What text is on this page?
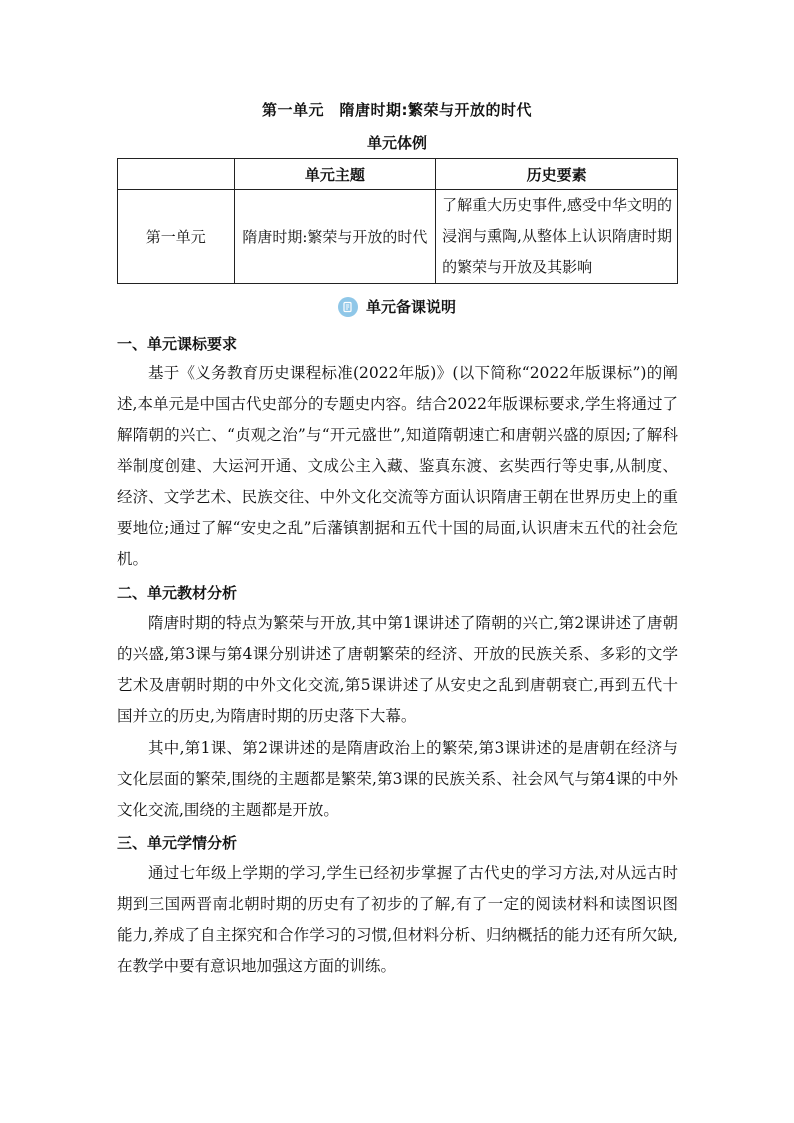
第一单元　隋唐时期:繁荣与开放的时代
单元体例
	单元主题	历史要素
第一单元	隋唐时期:繁荣与开放的时代	了解重大历史事件,感受中华文明的浸润与熏陶,从整体上认识隋唐时期的繁荣与开放及其影响
单元备课说明
一、单元课标要求
基于《义务教育历史课程标准(2022年版)》(以下简称“2022年版课标”)的阐述,本单元是中国古代史部分的专题史内容。结合2022年版课标要求,学生将通过了解隋朝的兴亡、“贞观之治”与“开元盛世”,知道隋朝速亡和唐朝兴盛的原因;了解科举制度创建、大运河开通、文成公主入藏、鉴真东渡、玄奘西行等史事,从制度、经济、文学艺术、民族交往、中外文化交流等方面认识隋唐王朝在世界历史上的重要地位;通过了解“安史之乱”后藩镇割据和五代十国的局面,认识唐末五代的社会危机。
二、单元教材分析
隋唐时期的特点为繁荣与开放,其中第1课讲述了隋朝的兴亡,第2课讲述了唐朝的兴盛,第3课与第4课分别讲述了唐朝繁荣的经济、开放的民族关系、多彩的文学艺术及唐朝时期的中外文化交流,第5课讲述了从安史之乱到唐朝衰亡,再到五代十国并立的历史,为隋唐时期的历史落下大幕。
其中,第1课、第2课讲述的是隋唐政治上的繁荣,第3课讲述的是唐朝在经济与文化层面的繁荣,围绕的主题都是繁荣,第3课的民族关系、社会风气与第4课的中外文化交流,围绕的主题都是开放。
三、单元学情分析
通过七年级上学期的学习,学生已经初步掌握了古代史的学习方法,对从远古时期到三国两晋南北朝时期的历史有了初步的了解,有了一定的阅读材料和读图识图能力,养成了自主探究和合作学习的习惯,但材料分析、归纳概括的能力还有所欠缺,在教学中要有意识地加强这方面的训练。
